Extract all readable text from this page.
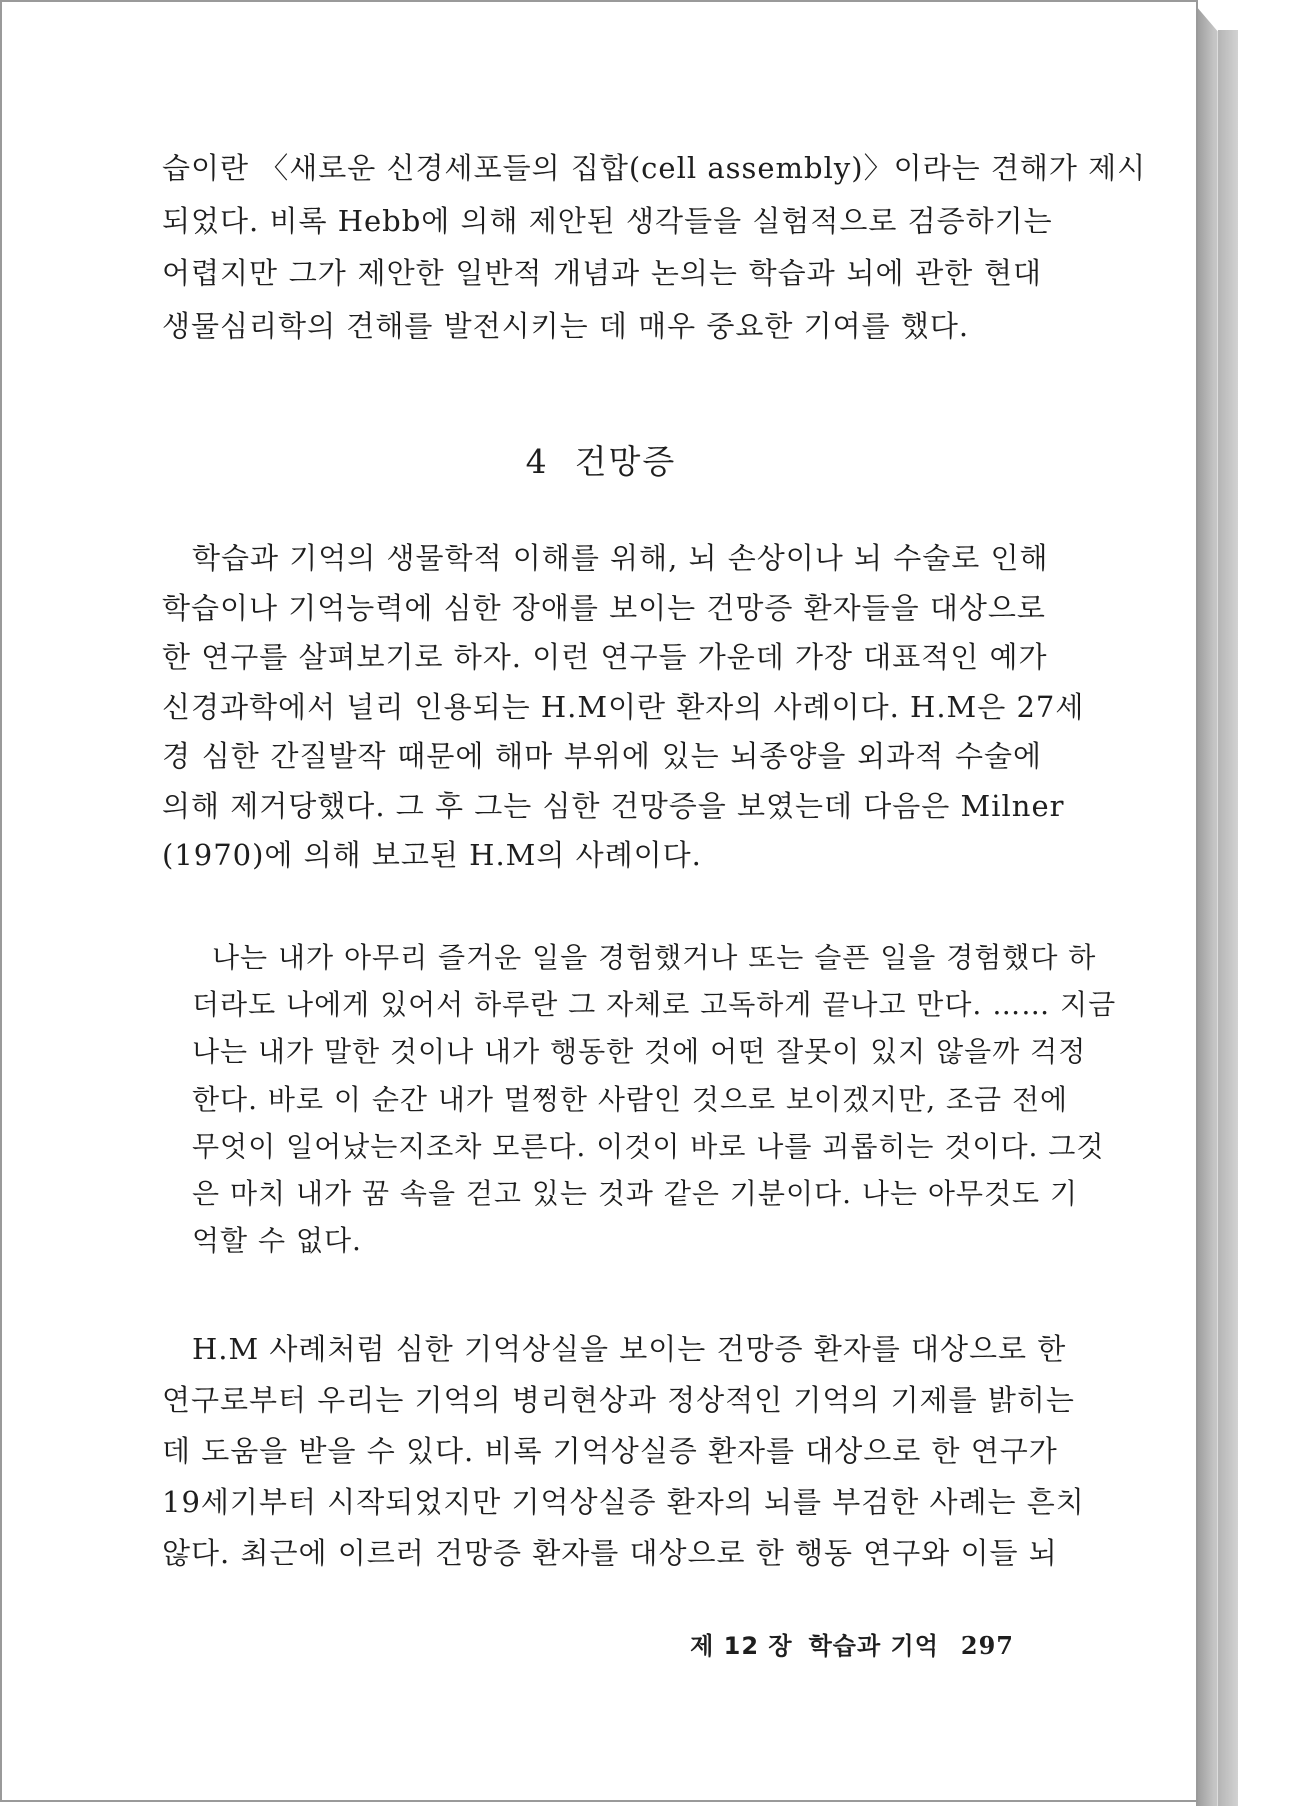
습이란 〈새로운 신경세포들의 집합(cell assembly)〉이라는 견해가 제시
되었다. 비록 Hebb에 의해 제안된 생각들을 실험적으로 검증하기는
어렵지만 그가 제안한 일반적 개념과 논의는 학습과 뇌에 관한 현대
생물심리학의 견해를 발전시키는 데 매우 중요한 기여를 했다.

4 건망증

학습과 기억의 생물학적 이해를 위해, 뇌 손상이나 뇌 수술로 인해
학습이나 기억능력에 심한 장애를 보이는 건망증 환자들을 대상으로
한 연구를 살펴보기로 하자. 이런 연구들 가운데 가장 대표적인 예가
신경과학에서 널리 인용되는 H.M이란 환자의 사례이다. H.M은 27세
경 심한 간질발작 때문에 해마 부위에 있는 뇌종양을 외과적 수술에
의해 제거당했다. 그 후 그는 심한 건망증을 보였는데 다음은 Milner
(1970)에 의해 보고된 H.M의 사례이다.

나는 내가 아무리 즐거운 일을 경험했거나 또는 슬픈 일을 경험했다 하
더라도 나에게 있어서 하루란 그 자체로 고독하게 끝나고 만다. …… 지금
나는 내가 말한 것이나 내가 행동한 것에 어떤 잘못이 있지 않을까 걱정
한다. 바로 이 순간 내가 멀쩡한 사람인 것으로 보이겠지만, 조금 전에
무엇이 일어났는지조차 모른다. 이것이 바로 나를 괴롭히는 것이다. 그것
은 마치 내가 꿈 속을 걷고 있는 것과 같은 기분이다. 나는 아무것도 기
억할 수 없다.

H.M 사례처럼 심한 기억상실을 보이는 건망증 환자를 대상으로 한
연구로부터 우리는 기억의 병리현상과 정상적인 기억의 기제를 밝히는
데 도움을 받을 수 있다. 비록 기억상실증 환자를 대상으로 한 연구가
19세기부터 시작되었지만 기억상실증 환자의 뇌를 부검한 사례는 흔치
않다. 최근에 이르러 건망증 환자를 대상으로 한 행동 연구와 이들 뇌

제 12 장 학습과 기억 297
